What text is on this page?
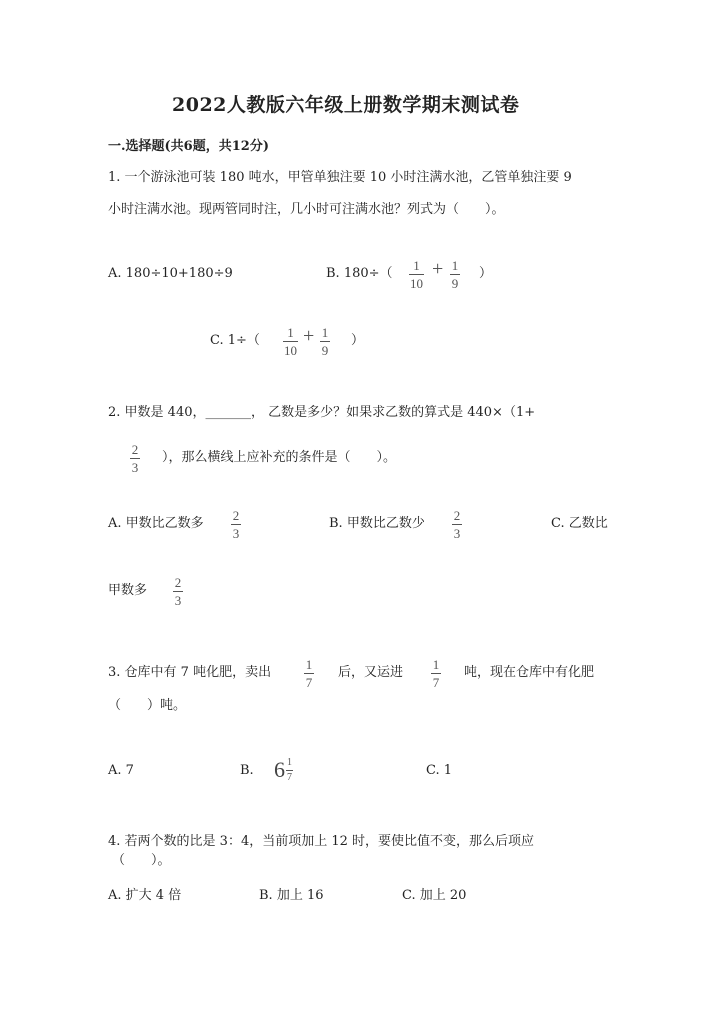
2022人教版六年级上册数学期末测试卷
一.选择题(共6题，共12分)
1. 一个游泳池可装 180 吨水，甲管单独注要 10 小时注满水池，乙管单独注要 9
小时注满水池。现两管同时注，几小时可注满水池？列式为（　　）。
A. 180÷10+180÷9	B. 180÷（
1
10
+ 1
9
）
C. 1÷（
1
10
+ 1
9
）
2. 甲数是 440，_______， 乙数是多少？如果求乙数的算式是 440×（1+
2
3
），那么横线上应补充的条件是（　　）。
A. 甲数比乙数多
2
3
B. 甲数比乙数少
2
3
C. 乙数比
甲数多
2
3
3. 仓库中有 7 吨化肥，卖出
1
7
后，又运进
1
7
吨，现在仓库中有化肥
（　　）吨。
A. 7	B. 6 1
7	C. 1
4. 若两个数的比是 3：4，当前项加上 12 时，要使比值不变，那么后项应
（　　）。
A. 扩大 4 倍	B. 加上 16	C. 加上 20
